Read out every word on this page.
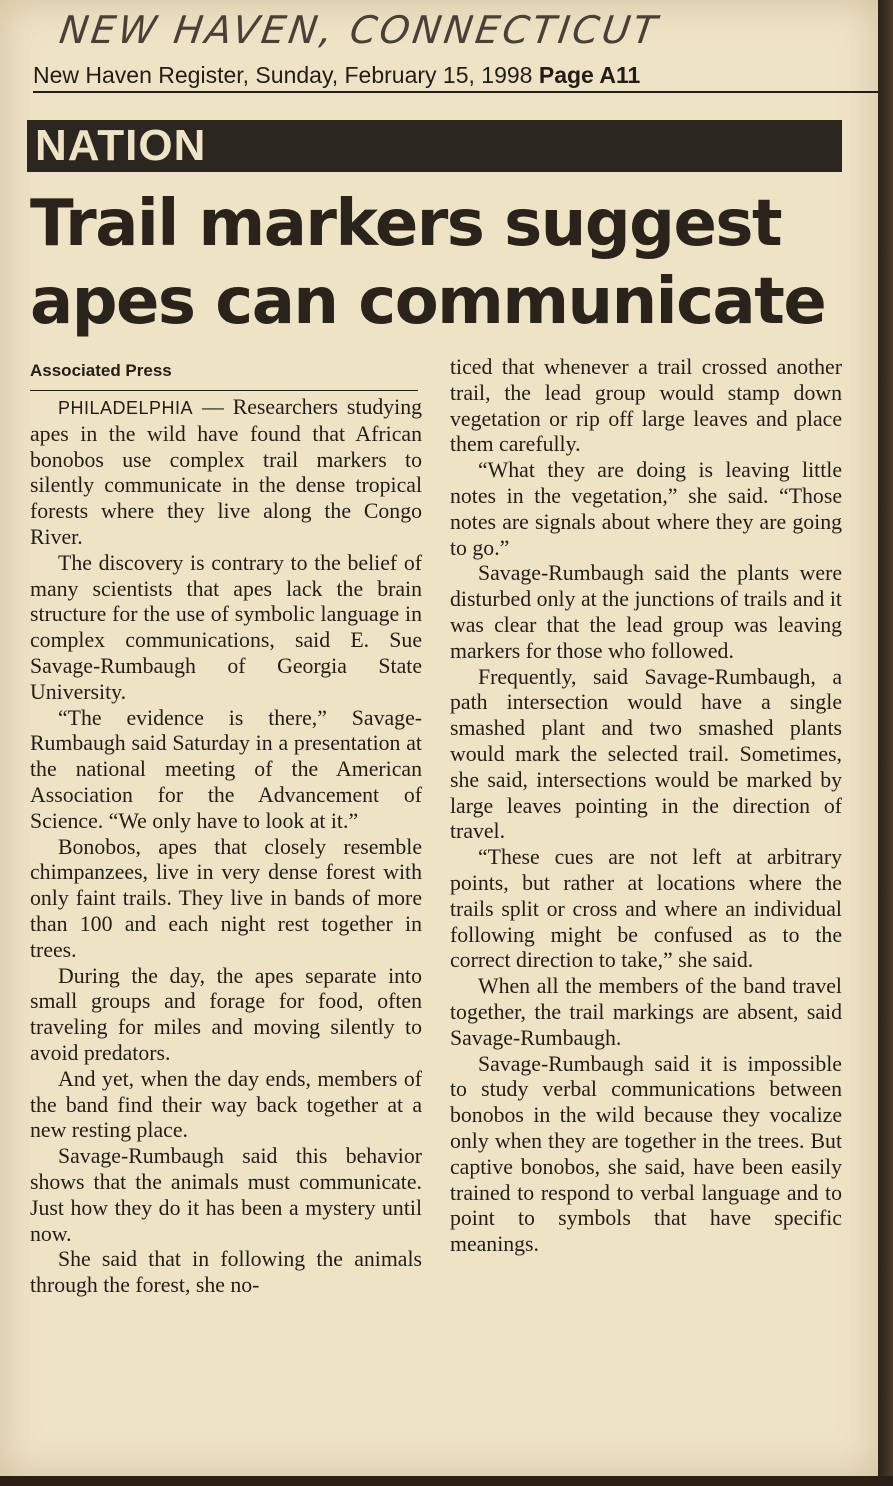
NEW HAVEN, CONNECTICUT
New Haven Register, Sunday, February 15, 1998 Page A11
NATION
Trail markers suggest apes can communicate
Associated Press

PHILADELPHIA — Researchers studying apes in the wild have found that African bonobos use complex trail markers to silently communicate in the dense tropical forests where they live along the Congo River.

The discovery is contrary to the belief of many scientists that apes lack the brain structure for the use of symbolic language in complex communications, said E. Sue Savage-Rumbaugh of Georgia State University.

“The evidence is there,” Savage-Rumbaugh said Saturday in a presentation at the national meeting of the American Association for the Advancement of Science. “We only have to look at it.”

Bonobos, apes that closely resemble chimpanzees, live in very dense forest with only faint trails. They live in bands of more than 100 and each night rest together in trees.

During the day, the apes separate into small groups and forage for food, often traveling for miles and moving silently to avoid predators.

And yet, when the day ends, members of the band find their way back together at a new resting place.

Savage-Rumbaugh said this behavior shows that the animals must communicate. Just how they do it has been a mystery until now.

She said that in following the animals through the forest, she no-

ticed that whenever a trail crossed another trail, the lead group would stamp down vegetation or rip off large leaves and place them carefully.

“What they are doing is leaving little notes in the vegetation,” she said. “Those notes are signals about where they are going to go.”

Savage-Rumbaugh said the plants were disturbed only at the junctions of trails and it was clear that the lead group was leaving markers for those who followed.

Frequently, said Savage-Rumbaugh, a path intersection would have a single smashed plant and two smashed plants would mark the selected trail. Sometimes, she said, intersections would be marked by large leaves pointing in the direction of travel.

“These cues are not left at arbitrary points, but rather at locations where the trails split or cross and where an individual following might be confused as to the correct direction to take,” she said.

When all the members of the band travel together, the trail markings are absent, said Savage-Rumbaugh.

Savage-Rumbaugh said it is impossible to study verbal communications between bonobos in the wild because they vocalize only when they are together in the trees. But captive bonobos, she said, have been easily trained to respond to verbal language and to point to symbols that have specific meanings.
